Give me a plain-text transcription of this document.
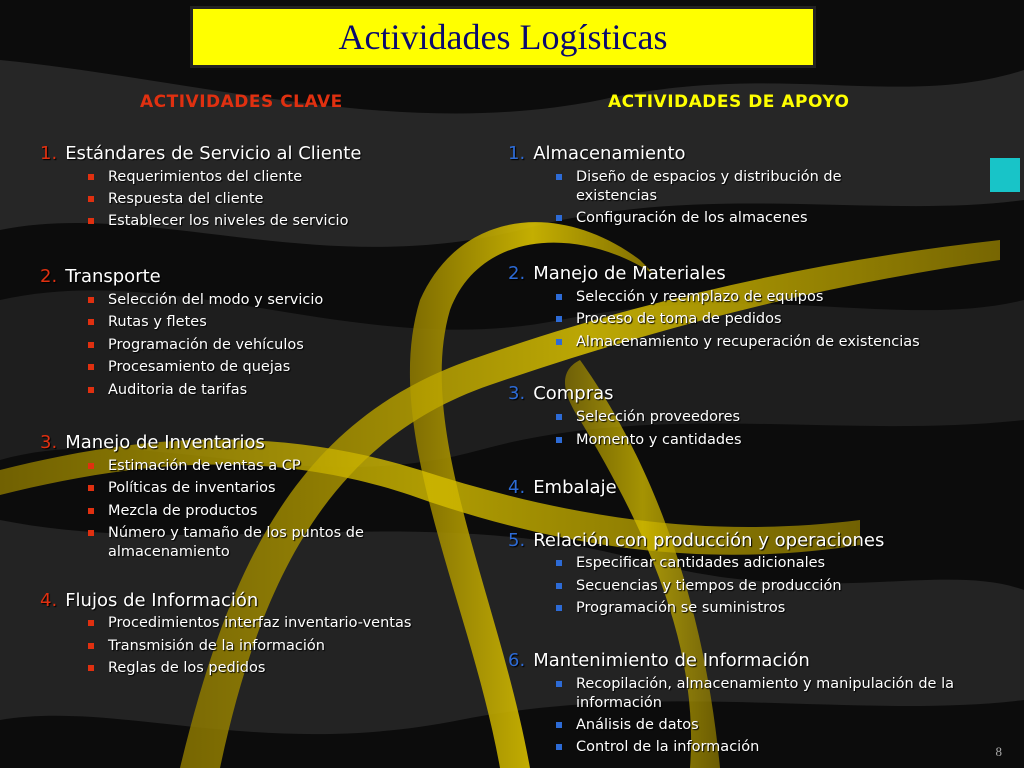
Actividades Logísticas
ACTIVIDADES CLAVE	ACTIVIDADES DE APOYO
1. Estándares de Servicio al Cliente
Requerimientos del cliente
Respuesta del cliente
Establecer los niveles de servicio
2. Transporte
Selección del modo y servicio
Rutas y fletes
Programación de vehículos
Procesamiento de quejas
Auditoria de tarifas
3. Manejo de Inventarios
Estimación de ventas a CP
Políticas de inventarios
Mezcla de productos
Número y tamaño de los puntos de almacenamiento
4. Flujos de Información
Procedimientos interfaz inventario-ventas
Transmisión de la información
Reglas de los pedidos
1. Almacenamiento
Diseño de espacios y distribución de existencias
Configuración de los almacenes
2. Manejo de Materiales
Selección y reemplazo de equipos
Proceso de toma de pedidos
Almacenamiento y recuperación de existencias
3. Compras
Selección proveedores
Momento y cantidades
4. Embalaje
5. Relación con producción y operaciones
Especificar cantidades adicionales
Secuencias y tiempos de producción
Programación se suministros
6. Mantenimiento de Información
Recopilación, almacenamiento y manipulación de la información
Análisis de datos
Control de la información	8
